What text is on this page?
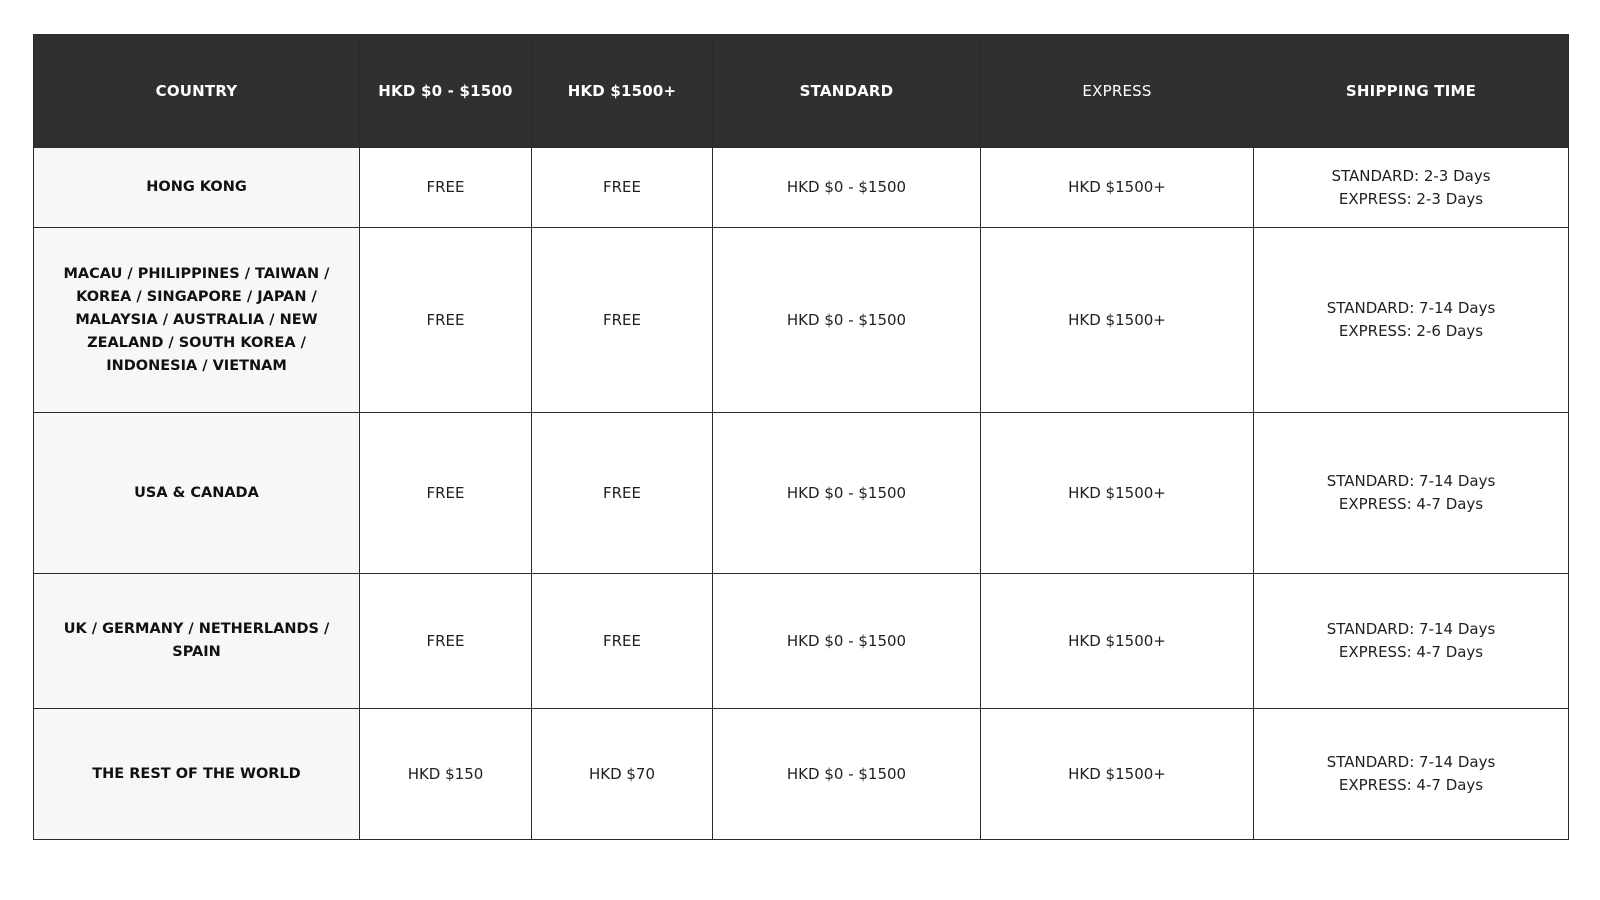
COUNTRY	HKD $0 - $1500	HKD $1500+	STANDARD	EXPRESS	SHIPPING TIME
HONG KONG	FREE	FREE	HKD $0 - $1500	HKD $1500+	STANDARD: 2-3 Days
EXPRESS: 2-3 Days

MACAU / PHILIPPINES / TAIWAN / KOREA / SINGAPORE / JAPAN / MALAYSIA / AUSTRALIA / NEW ZEALAND / SOUTH KOREA / INDONESIA / VIETNAM	FREE	FREE	HKD $0 - $1500	HKD $1500+	STANDARD: 7-14 Days
EXPRESS: 2-6 Days

USA & CANADA	FREE	FREE	HKD $0 - $1500	HKD $1500+	STANDARD: 7-14 Days
EXPRESS: 4-7 Days

UK / GERMANY / NETHERLANDS / SPAIN	FREE	FREE	HKD $0 - $1500	HKD $1500+	STANDARD: 7-14 Days
EXPRESS: 4-7 Days

THE REST OF THE WORLD	HKD $150	HKD $70	HKD $0 - $1500	HKD $1500+	STANDARD: 7-14 Days
EXPRESS: 4-7 Days
